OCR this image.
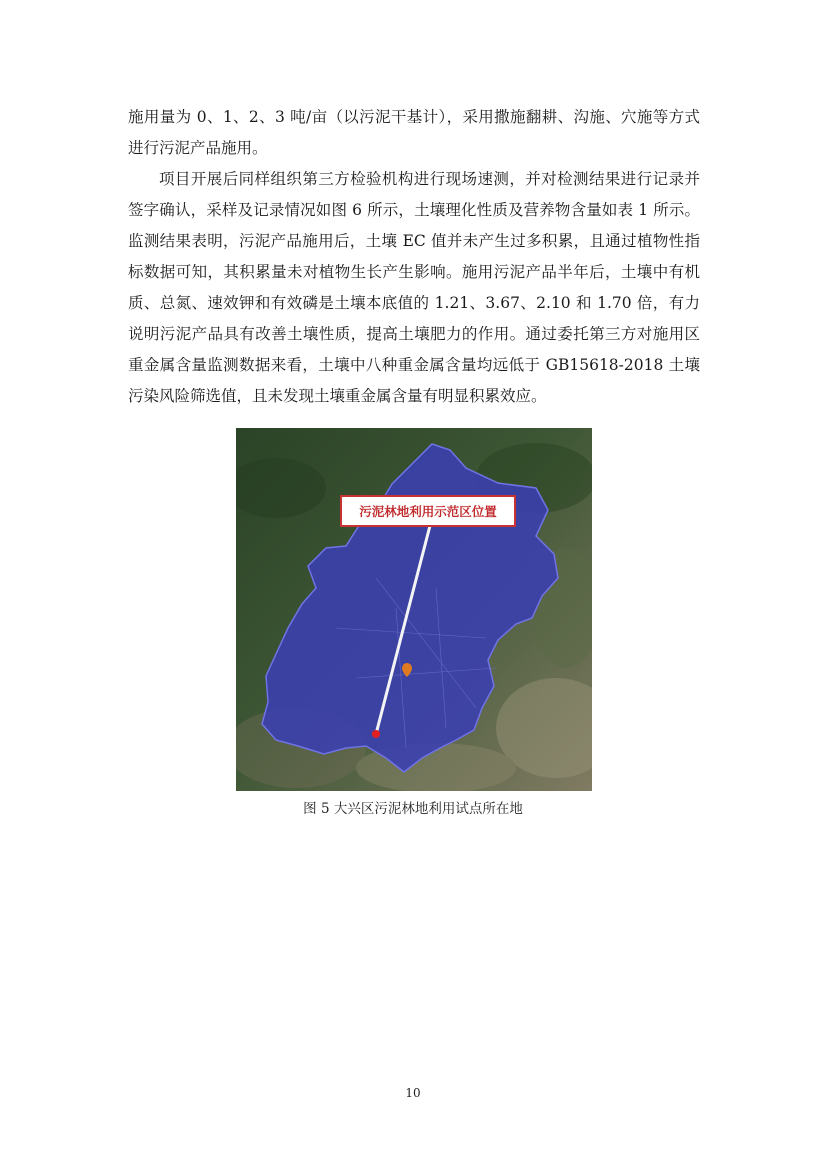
施用量为 0、1、2、3 吨/亩（以污泥干基计），采用撒施翻耕、沟施、穴施等方式进行污泥产品施用。

项目开展后同样组织第三方检验机构进行现场速测，并对检测结果进行记录并签字确认，采样及记录情况如图 6 所示，土壤理化性质及营养物含量如表 1 所示。监测结果表明，污泥产品施用后，土壤 EC 值并未产生过多积累，且通过植物性指标数据可知，其积累量未对植物生长产生影响。施用污泥产品半年后，土壤中有机质、总氮、速效钾和有效磷是土壤本底值的 1.21、3.67、2.10 和 1.70 倍，有力说明污泥产品具有改善土壤性质，提高土壤肥力的作用。通过委托第三方对施用区重金属含量监测数据来看，土壤中八种重金属含量均远低于 GB15618-2018 土壤污染风险筛选值，且未发现土壤重金属含量有明显积累效应。

污泥林地利用示范区位置
图 5 大兴区污泥林地利用试点所在地
10
